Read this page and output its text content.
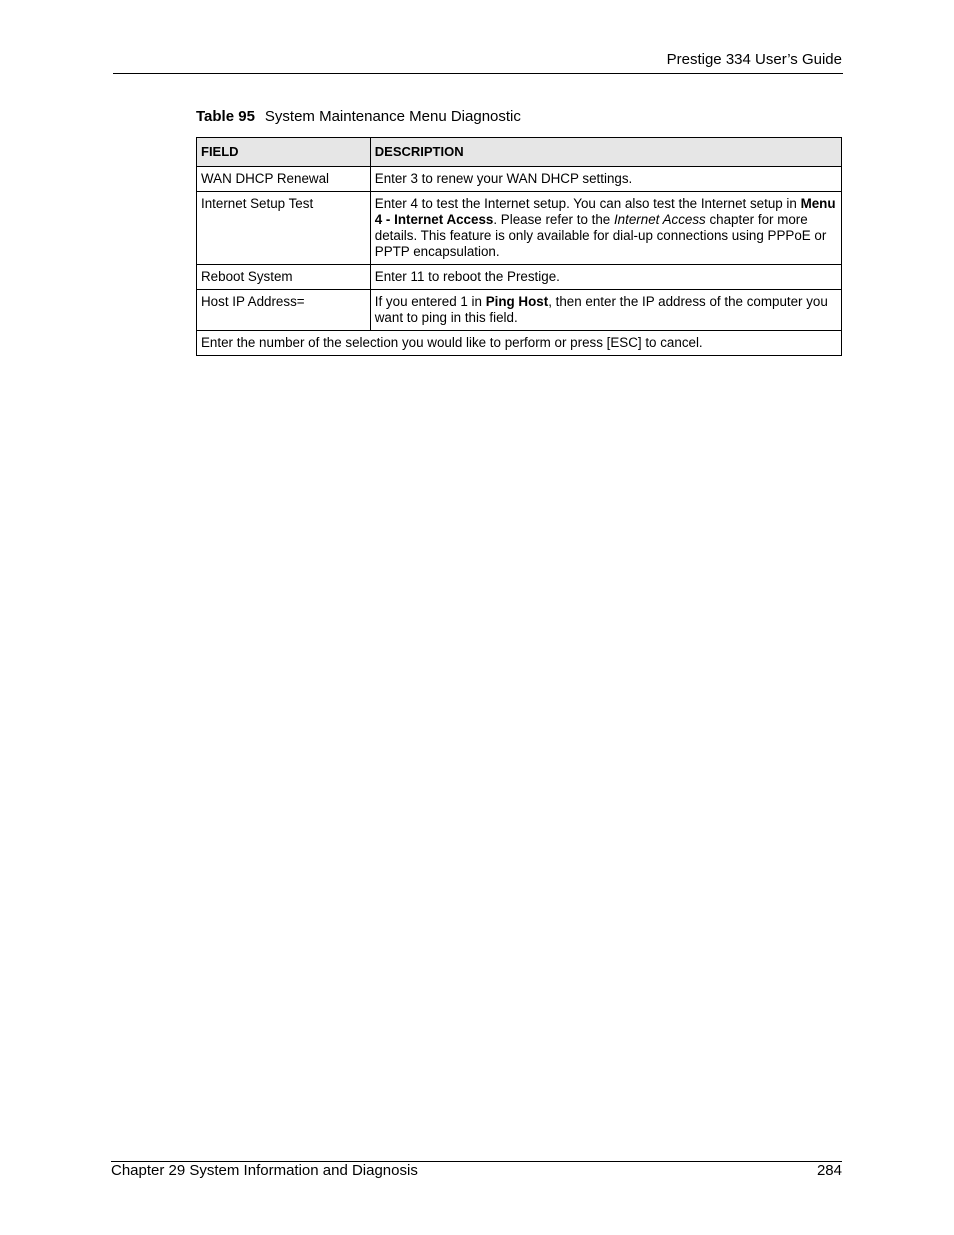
Prestige 334 User’s Guide
Table 95 System Maintenance Menu Diagnostic
FIELD	DESCRIPTION
WAN DHCP Renewal	Enter 3 to renew your WAN DHCP settings.
Internet Setup Test	Enter 4 to test the Internet setup. You can also test the Internet setup in Menu 4 - Internet Access. Please refer to the Internet Access chapter for more details. This feature is only available for dial-up connections using PPPoE or PPTP encapsulation.
Reboot System	Enter 11 to reboot the Prestige.
Host IP Address=	If you entered 1 in Ping Host, then enter the IP address of the computer you want to ping in this field.
Enter the number of the selection you would like to perform or press [ESC] to cancel.	
Chapter 29 System Information and Diagnosis	284
